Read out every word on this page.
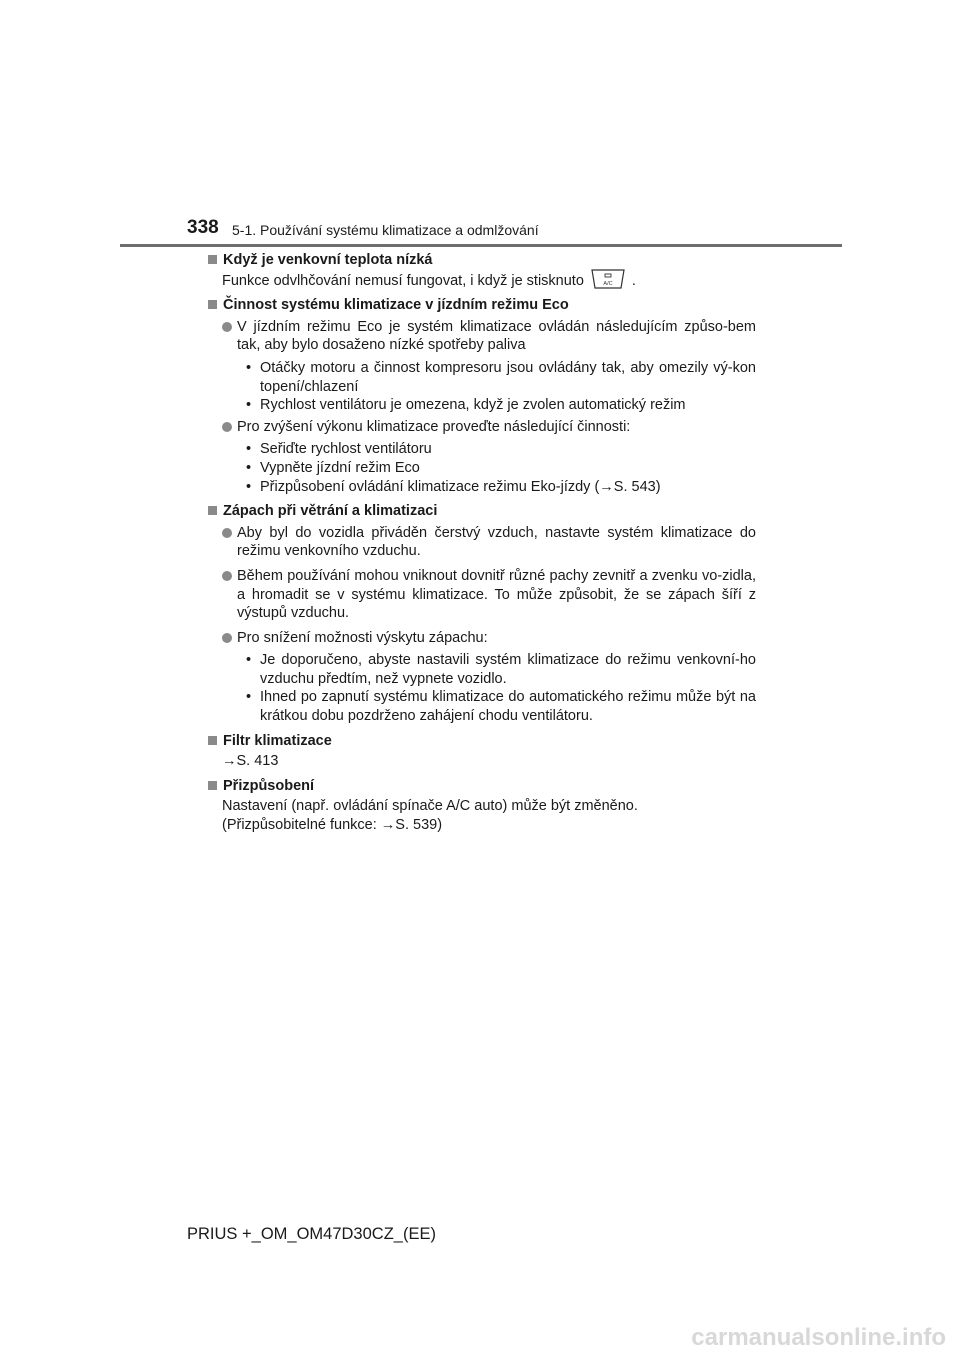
338 5-1. Používání systému klimatizace a odmlžování
Když je venkovní teplota nízká
Funkce odvlhčování nemusí fungovat, i když je stisknuto	A/C .
Činnost systému klimatizace v jízdním režimu Eco
V jízdním režimu Eco je systém klimatizace ovládán následujícím způso-bem tak, aby bylo dosaženo nízké spotřeby paliva
• Otáčky motoru a činnost kompresoru jsou ovládány tak, aby omezily vý-kon topení/chlazení
• Rychlost ventilátoru je omezena, když je zvolen automatický režim
Pro zvýšení výkonu klimatizace proveďte následující činnosti:
• Seřiďte rychlost ventilátoru
• Vypněte jízdní režim Eco
• Přizpůsobení ovládání klimatizace režimu Eko-jízdy (→S. 543)
Zápach při větrání a klimatizaci
Aby byl do vozidla přiváděn čerstvý vzduch, nastavte systém klimatizace do režimu venkovního vzduchu.
Během používání mohou vniknout dovnitř různé pachy zevnitř a zvenku vo-zidla, a hromadit se v systému klimatizace. To může způsobit, že se zápach šíří z výstupů vzduchu.
Pro snížení možnosti výskytu zápachu:
• Je doporučeno, abyste nastavili systém klimatizace do režimu venkovní-ho vzduchu předtím, než vypnete vozidlo.
• Ihned po zapnutí systému klimatizace do automatického režimu může být na krátkou dobu pozdrženo zahájení chodu ventilátoru.
Filtr klimatizace
→S. 413
Přizpůsobení
Nastavení (např. ovládání spínače A/C auto) může být změněno.
(Přizpůsobitelné funkce: →S. 539)
PRIUS +_OM_OM47D30CZ_(EE)
carmanualsonline.info
